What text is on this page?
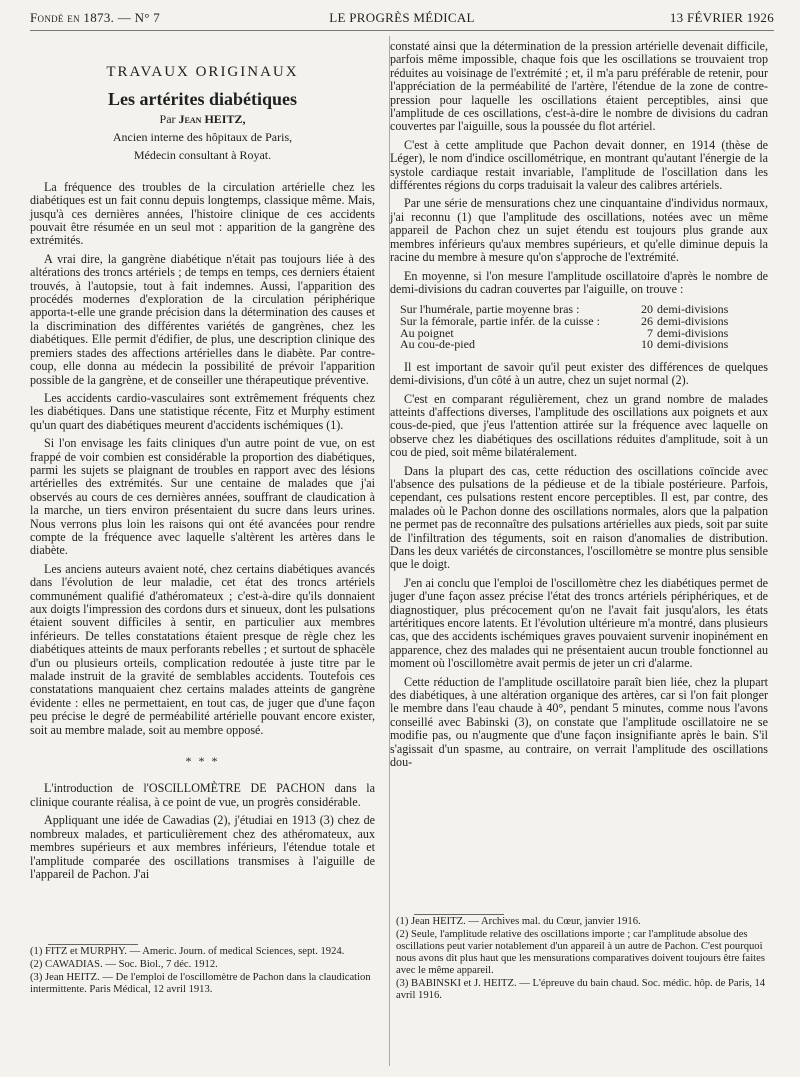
Fondé en 1873. — N° 7	LE PROGRÈS MÉDICAL	13 FÉVRIER 1926
TRAVAUX ORIGINAUX
Les artérites diabétiques

Par Jean HEITZ,

Ancien interne des hôpitaux de Paris,

Médecin consultant à Royat.

La fréquence des troubles de la circulation artérielle chez les diabétiques est un fait connu depuis longtemps, classique même. Mais, jusqu'à ces dernières années, l'histoire clinique de ces accidents pouvait être résumée en un seul mot : apparition de la gangrène des extrémités.

A vrai dire, la gangrène diabétique n'était pas toujours liée à des altérations des troncs artériels ; de temps en temps, ces derniers étaient trouvés, à l'autopsie, tout à fait indemnes. Aussi, l'apparition des procédés modernes d'exploration de la circulation périphérique apporta-t-elle une grande précision dans la détermination des causes et la discrimination des différentes variétés de gangrènes, chez les diabétiques. Elle permit d'édifier, de plus, une description clinique des premiers stades des affections artérielles dans le diabète. Par contre-coup, elle donna au médecin la possibilité de prévoir l'apparition possible de la gangrène, et de conseiller une thérapeutique préventive.

Les accidents cardio-vasculaires sont extrêmement fréquents chez les diabétiques. Dans une statistique récente, Fitz et Murphy estiment qu'un quart des diabétiques meurent d'accidents ischémiques (1).

Si l'on envisage les faits cliniques d'un autre point de vue, on est frappé de voir combien est considérable la proportion des diabétiques, parmi les sujets se plaignant de troubles en rapport avec des lésions artérielles des extrémités. Sur une centaine de malades que j'ai observés au cours de ces dernières années, souffrant de claudication à la marche, un tiers environ présentaient du sucre dans leurs urines. Nous verrons plus loin les raisons qui ont été avancées pour rendre compte de la fréquence avec laquelle s'altèrent les artères dans le diabète.

Les anciens auteurs avaient noté, chez certains diabétiques avancés dans l'évolution de leur maladie, cet état des troncs artériels communément qualifié d'athéromateux ; c'est-à-dire qu'ils donnaient aux doigts l'impression des cordons durs et sinueux, dont les pulsations étaient souvent difficiles à sentir, en particulier aux membres inférieurs. De telles constatations étaient presque de règle chez les diabétiques atteints de maux perforants rebelles ; et surtout de sphacèle d'un ou plusieurs orteils, complication redoutée à juste titre par le malade instruit de la gravité de semblables accidents. Toutefois ces constatations manquaient chez certains malades atteints de gangrène évidente : elles ne permettaient, en tout cas, de juger que d'une façon peu précise le degré de perméabilité artérielle pouvant encore exister, soit au membre malade, soit au membre opposé.

* * *

L'introduction de l'OSCILLOMÈTRE DE PACHON dans la clinique courante réalisa, à ce point de vue, un progrès considérable.

Appliquant une idée de Cawadias (2), j'étudiai en 1913 (3) chez de nombreux malades, et particulièrement chez des athéromateux, aux membres supérieurs et aux membres inférieurs, l'étendue totale et l'amplitude comparée des oscillations transmises à l'aiguille de l'appareil de Pachon. J'ai

(1) FITZ et MURPHY. — Americ. Journ. of medical Sciences, sept. 1924.
(2) CAWADIAS. — Soc. Biol., 7 déc. 1912.
(3) Jean HEITZ. — De l'emploi de l'oscillomètre de Pachon dans la claudication intermittente. Paris Médical, 12 avril 1913.

constaté ainsi que la détermination de la pression artérielle devenait difficile, parfois même impossible, chaque fois que les oscillations se trouvaient trop réduites au voisinage de l'extrémité ; et, il m'a paru préférable de retenir, pour l'appréciation de la perméabilité de l'artère, l'étendue de la zone de contre-pression pour laquelle les oscillations étaient perceptibles, ainsi que l'amplitude de ces oscillations, c'est-à-dire le nombre de divisions du cadran couvertes par l'aiguille, sous la poussée du flot artériel.

C'est à cette amplitude que Pachon devait donner, en 1914 (thèse de Léger), le nom d'indice oscillométrique, en montrant qu'autant l'énergie de la systole cardiaque restait invariable, l'amplitude de l'oscillation dans les différentes régions du corps traduisait la valeur des calibres artériels.

Par une série de mensurations chez une cinquantaine d'individus normaux, j'ai reconnu (1) que l'amplitude des oscillations, notées avec un même appareil de Pachon chez un sujet étendu est toujours plus grande aux membres inférieurs qu'aux membres supérieurs, et qu'elle diminue depuis la racine du membre à mesure qu'on s'approche de l'extrémité.

En moyenne, si l'on mesure l'amplitude oscillatoire d'après le nombre de demi-divisions du cadran couvertes par l'aiguille, on trouve :

Sur l'humérale, partie moyenne bras :	20	demi-divisions
Sur la fémorale, partie infér. de la cuisse :	26	demi-divisions
Au poignet	7	demi-divisions
Au cou-de-pied	10	demi-divisions

Il est important de savoir qu'il peut exister des différences de quelques demi-divisions, d'un côté à un autre, chez un sujet normal (2).

C'est en comparant régulièrement, chez un grand nombre de malades atteints d'affections diverses, l'amplitude des oscillations aux poignets et aux cous-de-pied, que j'eus l'attention attirée sur la fréquence avec laquelle on observe chez les diabétiques des oscillations réduites d'amplitude, soit à un cou de pied, soit même bilatéralement.

Dans la plupart des cas, cette réduction des oscillations coïncide avec l'absence des pulsations de la pédieuse et de la tibiale postérieure. Parfois, cependant, ces pulsations restent encore perceptibles. Il est, par contre, des malades où le Pachon donne des oscillations normales, alors que la palpation ne permet pas de reconnaître des pulsations artérielles aux pieds, soit par suite de l'infiltration des téguments, soit en raison d'anomalies de distribution. Dans les deux variétés de circonstances, l'oscillomètre se montre plus sensible que le doigt.

J'en ai conclu que l'emploi de l'oscillomètre chez les diabétiques permet de juger d'une façon assez précise l'état des troncs artériels périphériques, et de diagnostiquer, plus précocement qu'on ne l'avait fait jusqu'alors, les états artéritiques encore latents. Et l'évolution ultérieure m'a montré, dans plusieurs cas, que des accidents ischémiques graves pouvaient survenir inopinément en apparence, chez des malades qui ne présentaient aucun trouble fonctionnel au moment où l'oscillomètre avait permis de jeter un cri d'alarme.

Cette réduction de l'amplitude oscillatoire paraît bien liée, chez la plupart des diabétiques, à une altération organique des artères, car si l'on fait plonger le membre dans l'eau chaude à 40°, pendant 5 minutes, comme nous l'avons conseillé avec Babinski (3), on constate que l'amplitude oscillatoire ne se modifie pas, ou n'augmente que d'une façon insignifiante après le bain. S'il s'agissait d'un spasme, au contraire, on verrait l'amplitude des oscillations dou-

(1) Jean HEITZ. — Archives mal. du Cœur, janvier 1916.
(2) Seule, l'amplitude relative des oscillations importe ; car l'amplitude absolue des oscillations peut varier notablement d'un appareil à un autre de Pachon. C'est pourquoi nous avons dit plus haut que les mensurations comparatives doivent toujours être faites avec le même appareil.
(3) BABINSKI et J. HEITZ. — L'épreuve du bain chaud. Soc. médic. hôp. de Paris, 14 avril 1916.
